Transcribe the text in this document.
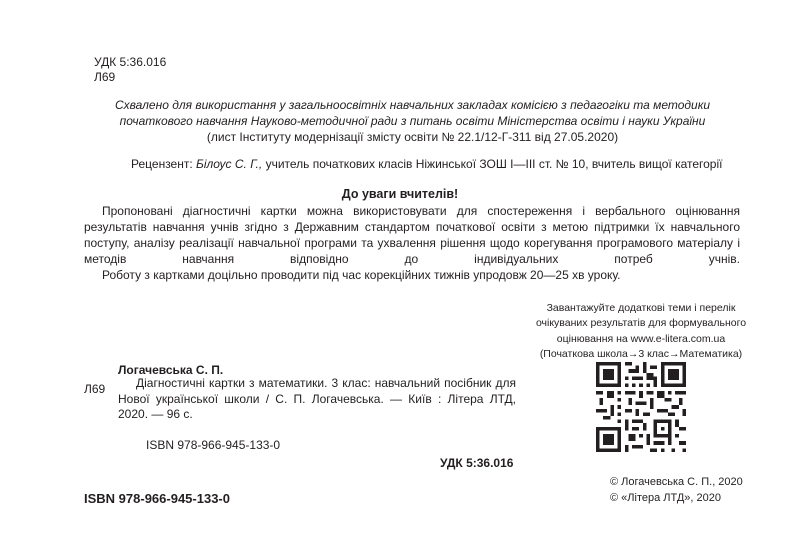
УДК 5:36.016
Л69
Схвалено для використання у загальноосвітніх навчальних закладах комісією з педагогіки та методики
початкового навчання Науково-методичної ради з питань освіти Міністерства освіти і науки України
(лист Інституту модернізації змісту освіти № 22.1/12-Г-311 від 27.05.2020)
Рецензент: Білоус С. Г., учитель початкових класів Ніжинської ЗОШ І—ІІІ ст. № 10, вчитель вищої категорії
До уваги вчителів!

Пропоновані діагностичні картки можна використовувати для спостереження і вербального оцінювання результатів навчання учнів згідно з Державним стандартом початкової освіти з метою підтримки їх навчального поступу, аналізу реалізації навчальної програми та ухвалення рішення щодо корегування програмового матеріалу і методів навчання відповідно до індивідуальних потреб учнів.

Роботу з картками доцільно проводити під час корекційних тижнів упродовж 20—25 хв уроку.

Завантажуйте додаткові теми і перелік
очікуваних результатів для формувального
оцінювання на www.e-litera.com.ua
(Початкова школа→3 клас→Математика)
Логачевська С. П.
Л69	Діагностичні картки з математики. 3 клас: навчальний посібник для Нової української школи / С. П. Логачевська. — Київ : Літера ЛТД, 2020. — 96 с.

ISBN 978-966-945-133-0
УДК 5:36.016
© Логачевська С. П., 2020
© «Літера ЛТД», 2020
ISBN 978-966-945-133-0
